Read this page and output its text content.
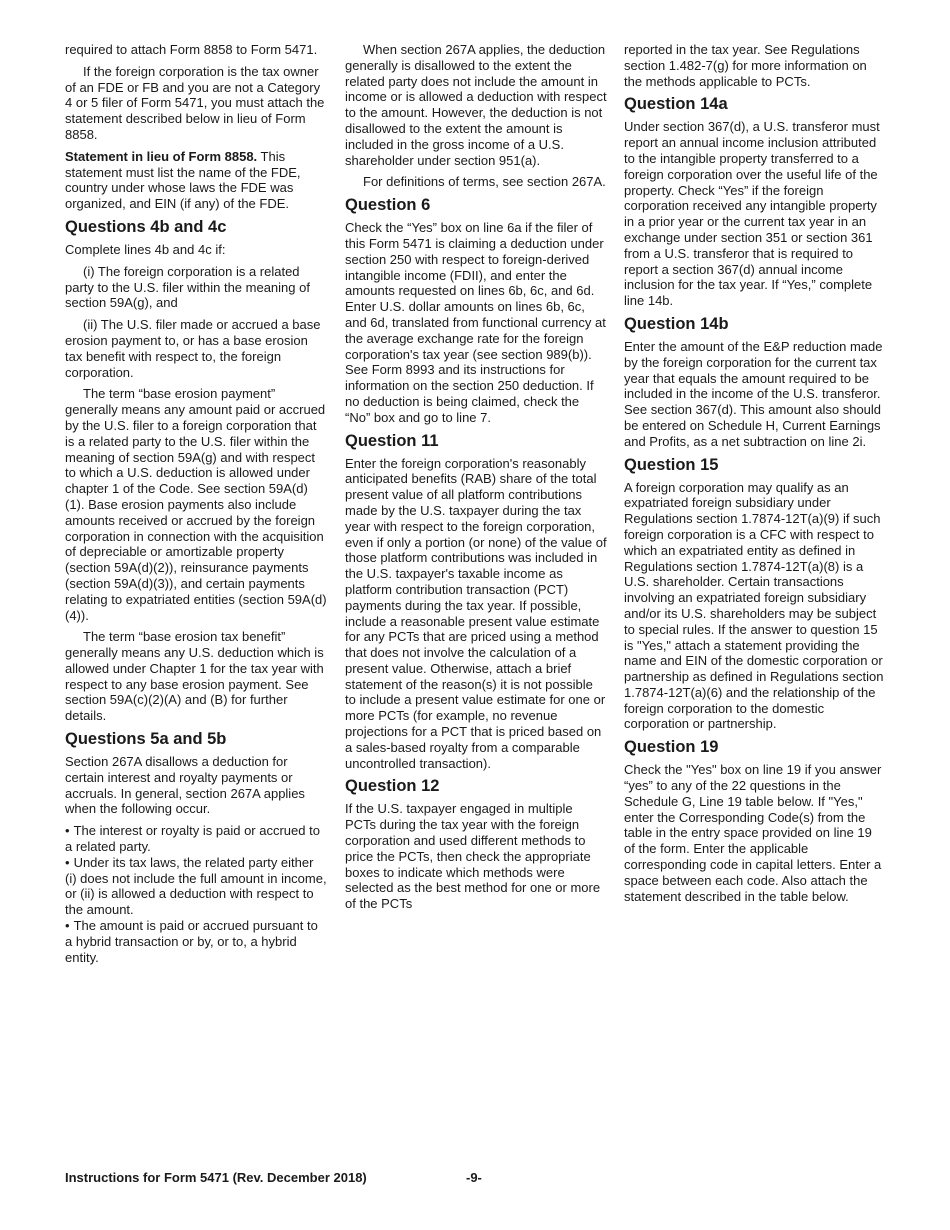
required to attach Form 8858 to Form 5471.

If the foreign corporation is the tax owner of an FDE or FB and you are not a Category 4 or 5 filer of Form 5471, you must attach the statement described below in lieu of Form 8858.

Statement in lieu of Form 8858. This statement must list the name of the FDE, country under whose laws the FDE was organized, and EIN (if any) of the FDE.

Questions 4b and 4c

Complete lines 4b and 4c if:

(i) The foreign corporation is a related party to the U.S. filer within the meaning of section 59A(g), and

(ii) The U.S. filer made or accrued a base erosion payment to, or has a base erosion tax benefit with respect to, the foreign corporation.

The term “base erosion payment” generally means any amount paid or accrued by the U.S. filer to a foreign corporation that is a related party to the U.S. filer within the meaning of section 59A(g) and with respect to which a U.S. deduction is allowed under chapter 1 of the Code. See section 59A(d)(1). Base erosion payments also include amounts received or accrued by the foreign corporation in connection with the acquisition of depreciable or amortizable property (section 59A(d)(2)), reinsurance payments (section 59A(d)(3)), and certain payments relating to expatriated entities (section 59A(d)(4)).

The term “base erosion tax benefit” generally means any U.S. deduction which is allowed under Chapter 1 for the tax year with respect to any base erosion payment. See section 59A(c)(2)(A) and (B) for further details.

Questions 5a and 5b

Section 267A disallows a deduction for certain interest and royalty payments or accruals. In general, section 267A applies when the following occur.

• The interest or royalty is paid or accrued to a related party.
• Under its tax laws, the related party either (i) does not include the full amount in income, or (ii) is allowed a deduction with respect to the amount.
• The amount is paid or accrued pursuant to a hybrid transaction or by, or to, a hybrid entity.

When section 267A applies, the deduction generally is disallowed to the extent the related party does not include the amount in income or is allowed a deduction with respect to the amount. However, the deduction is not disallowed to the extent the amount is included in the gross income of a U.S. shareholder under section 951(a).

For definitions of terms, see section 267A.

Question 6

Check the “Yes” box on line 6a if the filer of this Form 5471 is claiming a deduction under section 250 with respect to foreign-derived intangible income (FDII), and enter the amounts requested on lines 6b, 6c, and 6d. Enter U.S. dollar amounts on lines 6b, 6c, and 6d, translated from functional currency at the average exchange rate for the foreign corporation's tax year (see section 989(b)). See Form 8993 and its instructions for information on the section 250 deduction. If no deduction is being claimed, check the “No” box and go to line 7.

Question 11

Enter the foreign corporation's reasonably anticipated benefits (RAB) share of the total present value of all platform contributions made by the U.S. taxpayer during the tax year with respect to the foreign corporation, even if only a portion (or none) of the value of those platform contributions was included in the U.S. taxpayer's taxable income as platform contribution transaction (PCT) payments during the tax year. If possible, include a reasonable present value estimate for any PCTs that are priced using a method that does not involve the calculation of a present value. Otherwise, attach a brief statement of the reason(s) it is not possible to include a present value estimate for one or more PCTs (for example, no revenue projections for a PCT that is priced based on a sales-based royalty from a comparable uncontrolled transaction).

Question 12

If the U.S. taxpayer engaged in multiple PCTs during the tax year with the foreign corporation and used different methods to price the PCTs, then check the appropriate boxes to indicate which methods were selected as the best method for one or more of the PCTs

reported in the tax year. See Regulations section 1.482-7(g) for more information on the methods applicable to PCTs.

Question 14a

Under section 367(d), a U.S. transferor must report an annual income inclusion attributed to the intangible property transferred to a foreign corporation over the useful life of the property. Check “Yes” if the foreign corporation received any intangible property in a prior year or the current tax year in an exchange under section 351 or section 361 from a U.S. transferor that is required to report a section 367(d) annual income inclusion for the tax year. If “Yes,” complete line 14b.

Question 14b

Enter the amount of the E&P reduction made by the foreign corporation for the current tax year that equals the amount required to be included in the income of the U.S. transferor. See section 367(d). This amount also should be entered on Schedule H, Current Earnings and Profits, as a net subtraction on line 2i.

Question 15

A foreign corporation may qualify as an expatriated foreign subsidiary under Regulations section 1.7874-12T(a)(9) if such foreign corporation is a CFC with respect to which an expatriated entity as defined in Regulations section 1.7874-12T(a)(8) is a U.S. shareholder. Certain transactions involving an expatriated foreign subsidiary and/or its U.S. shareholders may be subject to special rules. If the answer to question 15 is "Yes," attach a statement providing the name and EIN of the domestic corporation or partnership as defined in Regulations section 1.7874-12T(a)(6) and the relationship of the foreign corporation to the domestic corporation or partnership.

Question 19

Check the "Yes" box on line 19 if you answer “yes” to any of the 22 questions in the Schedule G, Line 19 table below. If "Yes," enter the Corresponding Code(s) from the table in the entry space provided on line 19 of the form. Enter the applicable corresponding code in capital letters. Enter a space between each code. Also attach the statement described in the table below.

Instructions for Form 5471 (Rev. December 2018)	-9-
